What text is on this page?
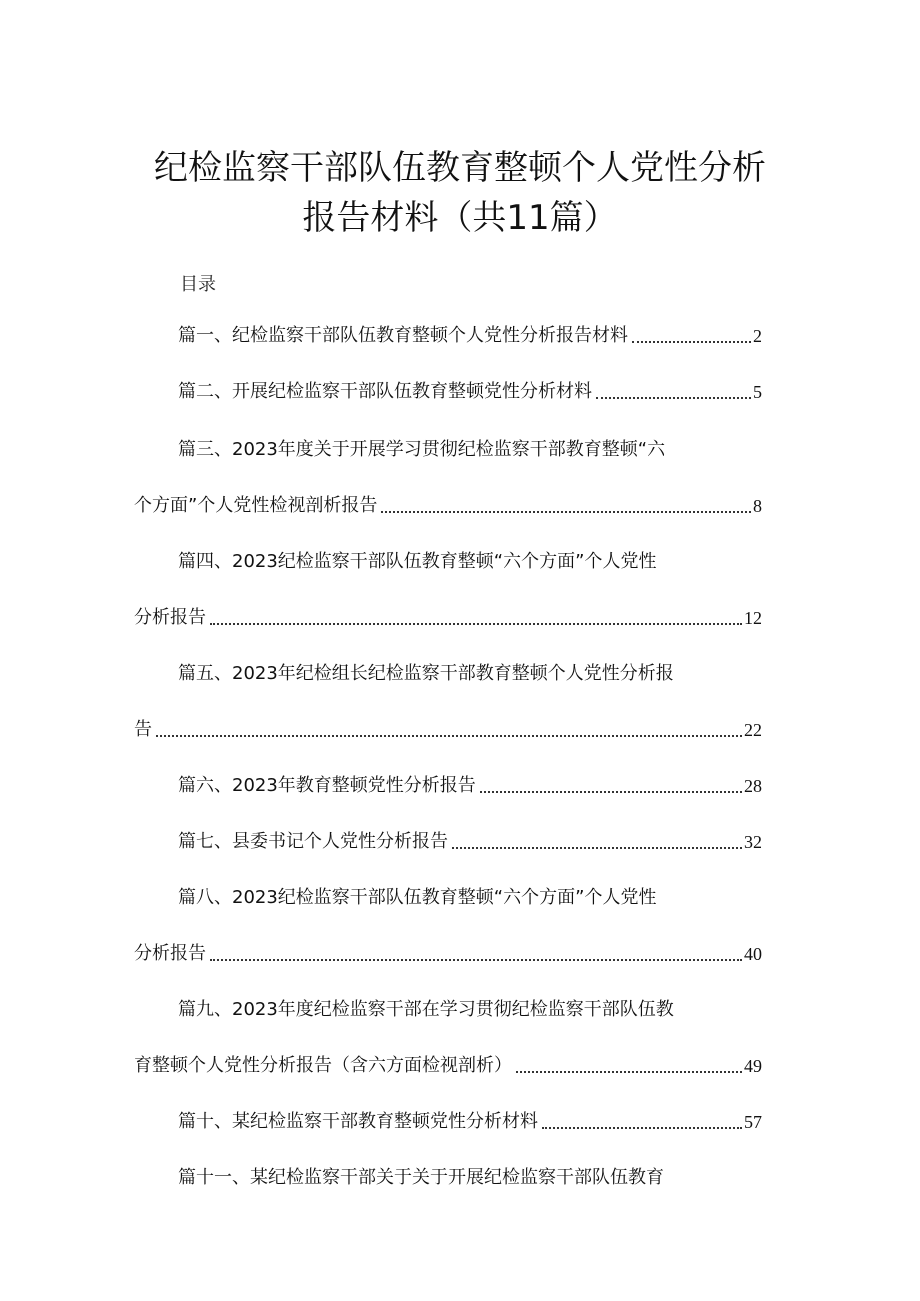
纪检监察干部队伍教育整顿个人党性分析
报告材料（共11篇）
目录
篇一、纪检监察干部队伍教育整顿个人党性分析报告材料	2
篇二、开展纪检监察干部队伍教育整顿党性分析材料	5
篇三、2023年度关于开展学习贯彻纪检监察干部教育整顿“六
个方面”个人党性检视剖析报告	8
篇四、2023纪检监察干部队伍教育整顿“六个方面”个人党性
分析报告	12
篇五、2023年纪检组长纪检监察干部教育整顿个人党性分析报
告	22
篇六、2023年教育整顿党性分析报告	28
篇七、县委书记个人党性分析报告	32
篇八、2023纪检监察干部队伍教育整顿“六个方面”个人党性
分析报告	40
篇九、2023年度纪检监察干部在学习贯彻纪检监察干部队伍教
育整顿个人党性分析报告（含六方面检视剖析）	49
篇十、某纪检监察干部教育整顿党性分析材料	57
篇十一、某纪检监察干部关于关于开展纪检监察干部队伍教育
